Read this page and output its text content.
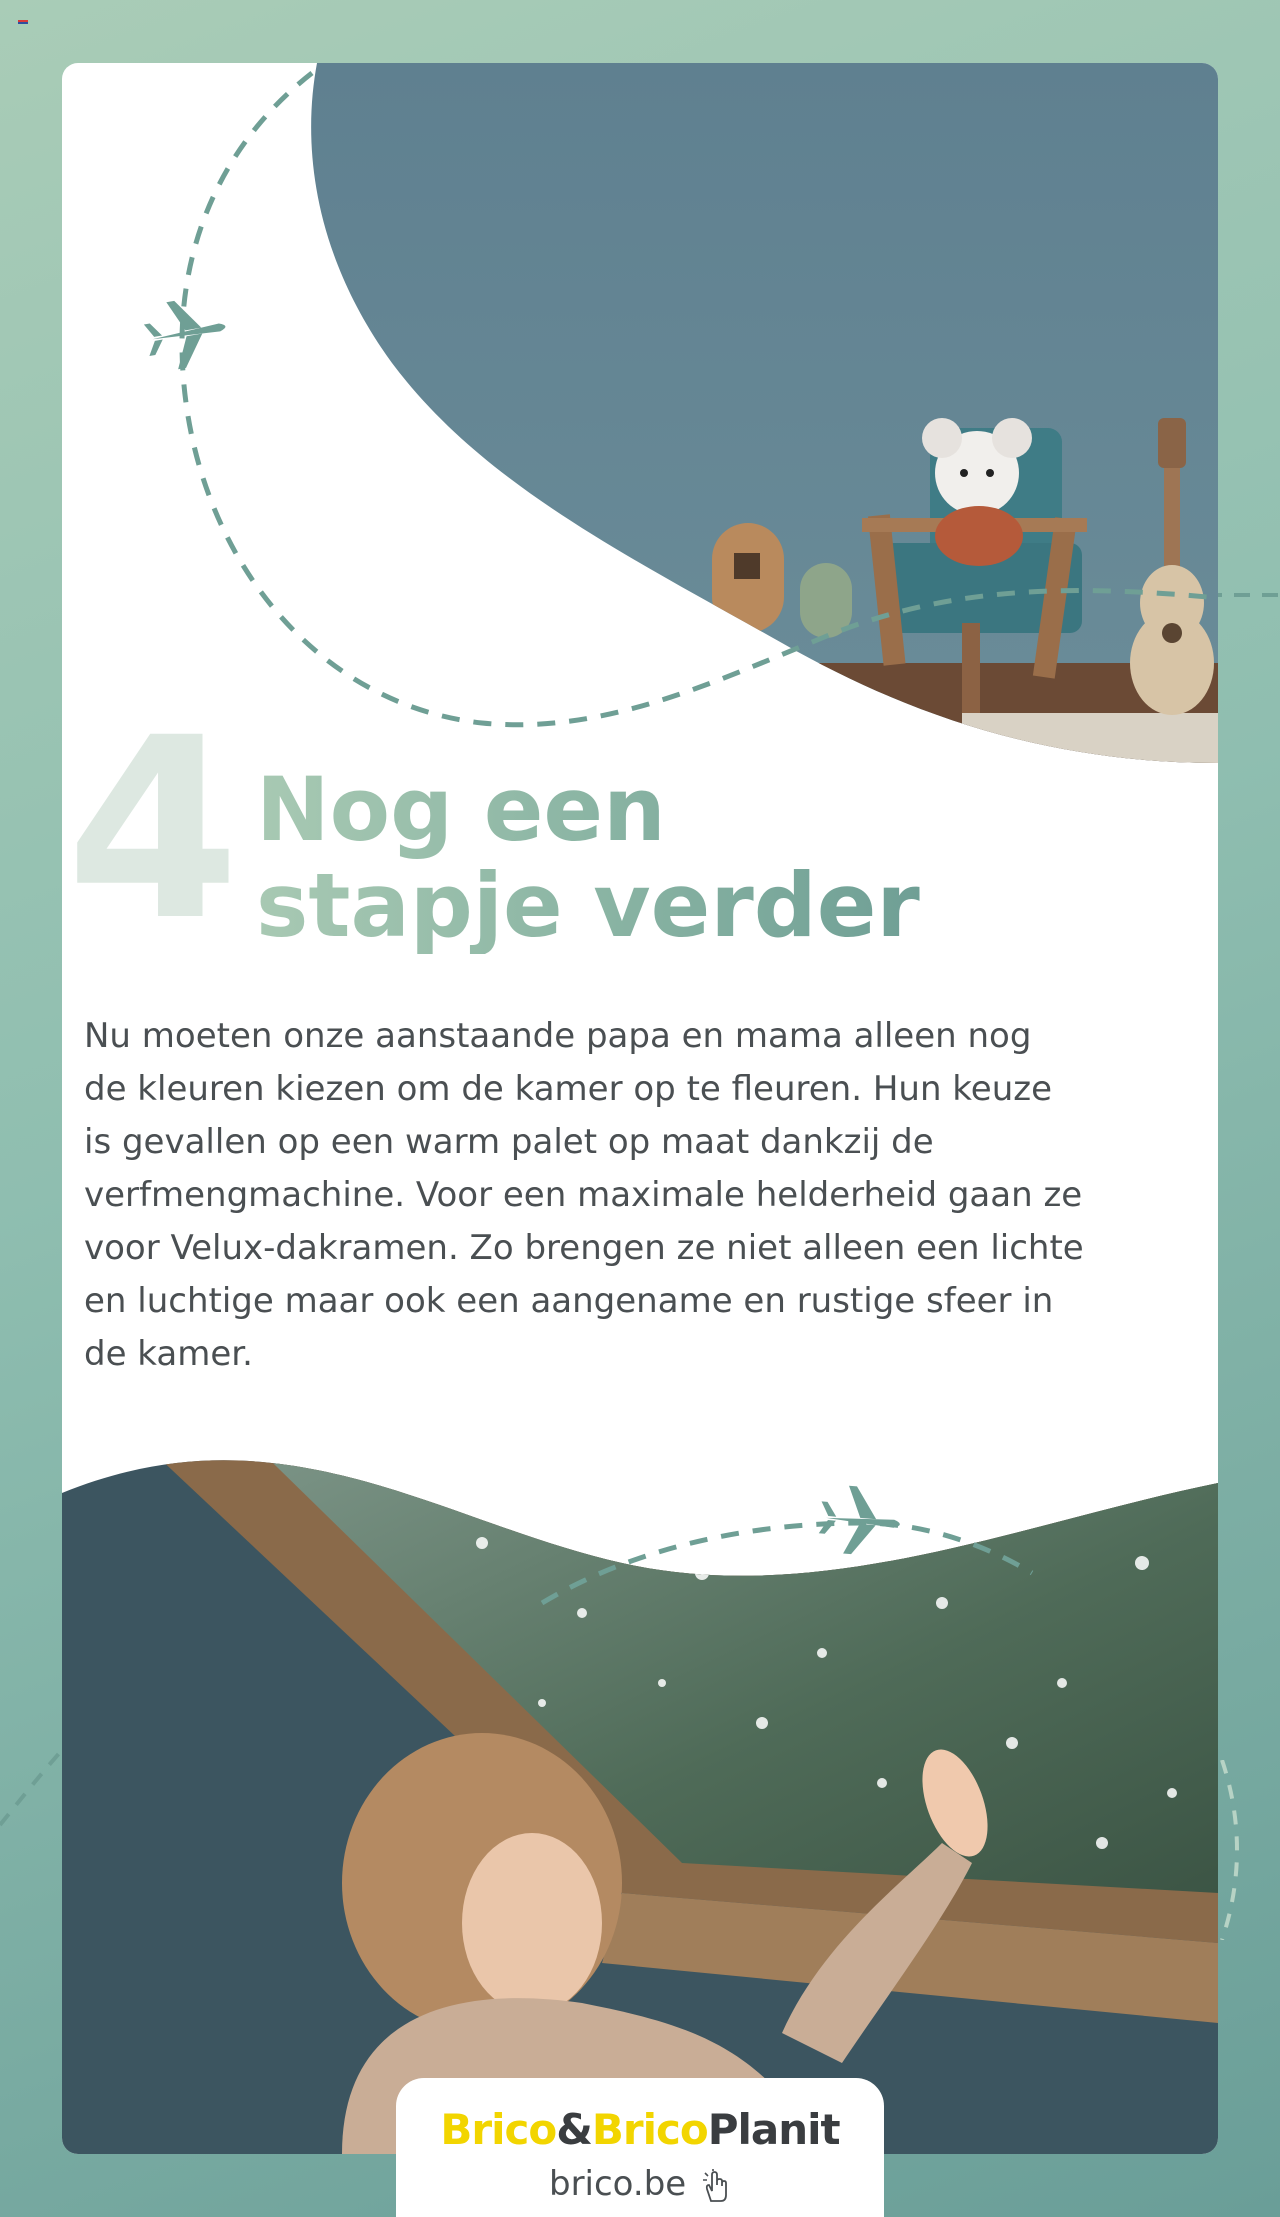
4 Nog een
stapje verder

Nu moeten onze aanstaande papa en mama alleen nog de kleuren kiezen om de kamer op te fleuren. Hun keuze is gevallen op een warm palet op maat dankzij de verfmengmachine. Voor een maximale helderheid gaan ze voor Velux-dakramen. Zo brengen ze niet alleen een lichte en luchtige maar ook een aangename en rustige sfeer in de kamer.

Brico&BricoPlanit
brico.be
